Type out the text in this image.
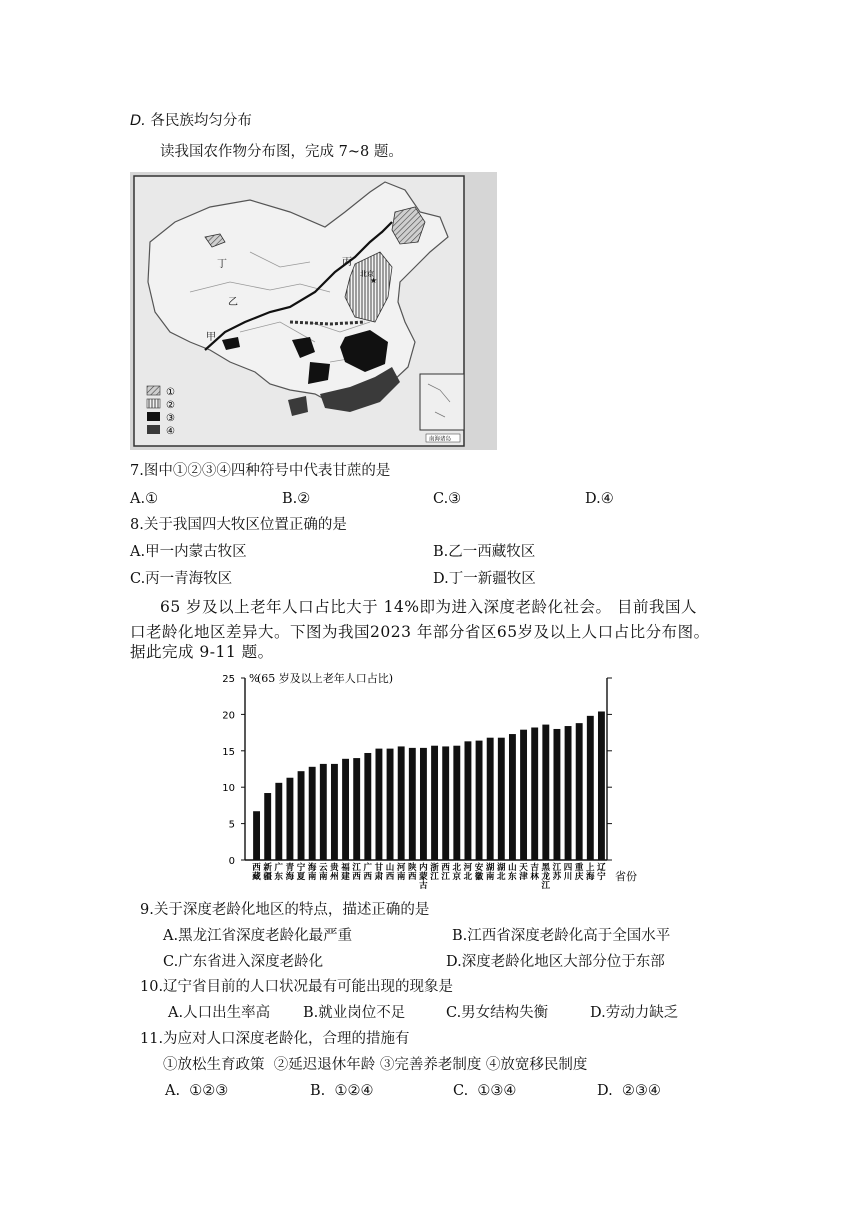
D. 各民族均匀分布
读我国农作物分布图，完成 7~8 题。
甲
乙
丙
丁
北京
★
①
②
③
④
南海诸岛
7.图中①②③④四种符号中代表甘蔗的是
A.①	B.②	C.③	D.④
8.关于我国四大牧区位置正确的是
A.甲一内蒙古牧区	B.乙一西藏牧区
C.丙一青海牧区	D.丁一新疆牧区
65 岁及以上老年人口占比大于 14%即为进入深度老龄化社会。 目前我国人
口老龄化地区差异大。下图为我国2023 年部分省区65岁及以上人口占比分布图。
据此完成 9-11 题。
0
5
10
15
20
25
西藏
新疆
广东
青海
宁夏
海南
云南
贵州
福建
江西
广西
甘肃
山西
河南
陕西
内蒙古
浙江
西江
北京
河北
安徽
湖南
湖北
山东
天津
吉林
黑龙江
江苏
四川
重庆
上海
辽宁
(65 岁及以上老年人口占比)
%
省份
9.关于深度老龄化地区的特点，描述正确的是
A.黑龙江省深度老龄化最严重	B.江西省深度老龄化高于全国水平
C.广东省进入深度老龄化	D.深度老龄化地区大部分位于东部
10.辽宁省目前的人口状况最有可能出现的现象是
A.人口出生率高 B.就业岗位不足	C.男女结构失衡	D.劳动力缺乏
11.为应对人口深度老龄化，合理的措施有
①放松生育政策  ②延迟退休年龄 ③完善养老制度 ④放宽移民制度
A.  ①②③	B.  ①②④	C.  ①③④	D.  ②③④
